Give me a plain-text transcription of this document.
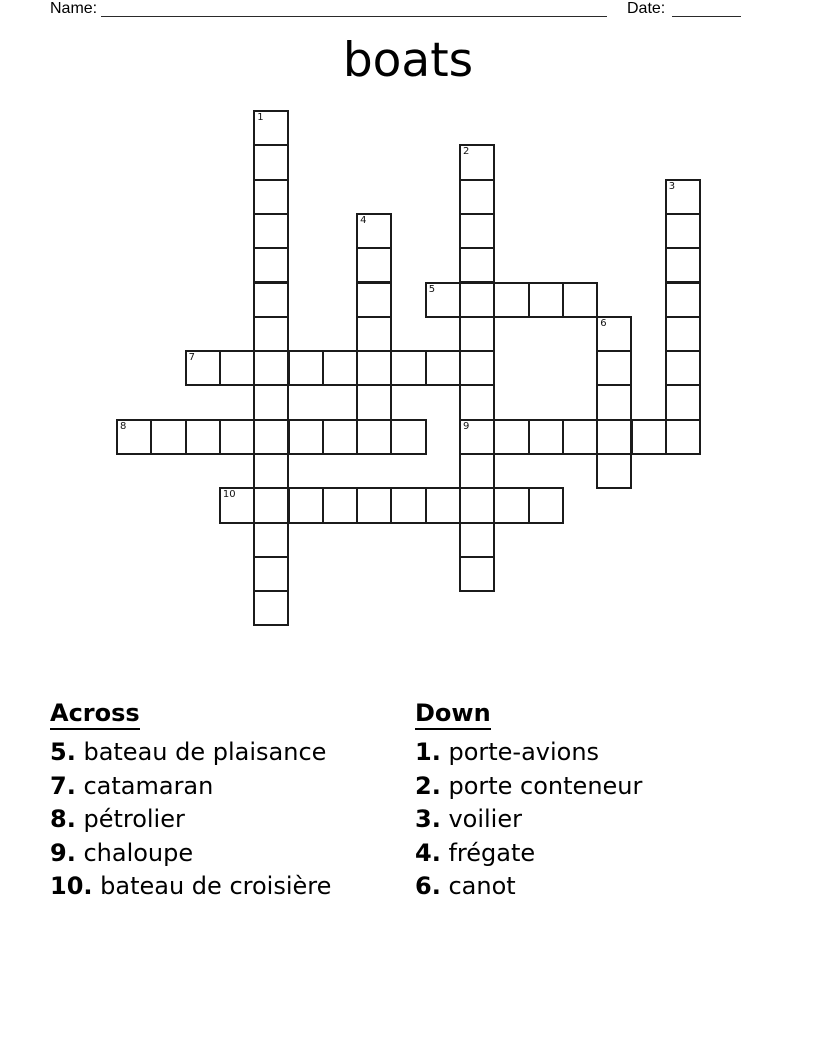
Name:	Date:
boats
1
2
9
3
4
5
6
7
8
10
Across
5. bateau de plaisance
7. catamaran
8. pétrolier
9. chaloupe
10. bateau de croisière
Down
1. porte-avions
2. porte conteneur
3. voilier
4. frégate
6. canot
